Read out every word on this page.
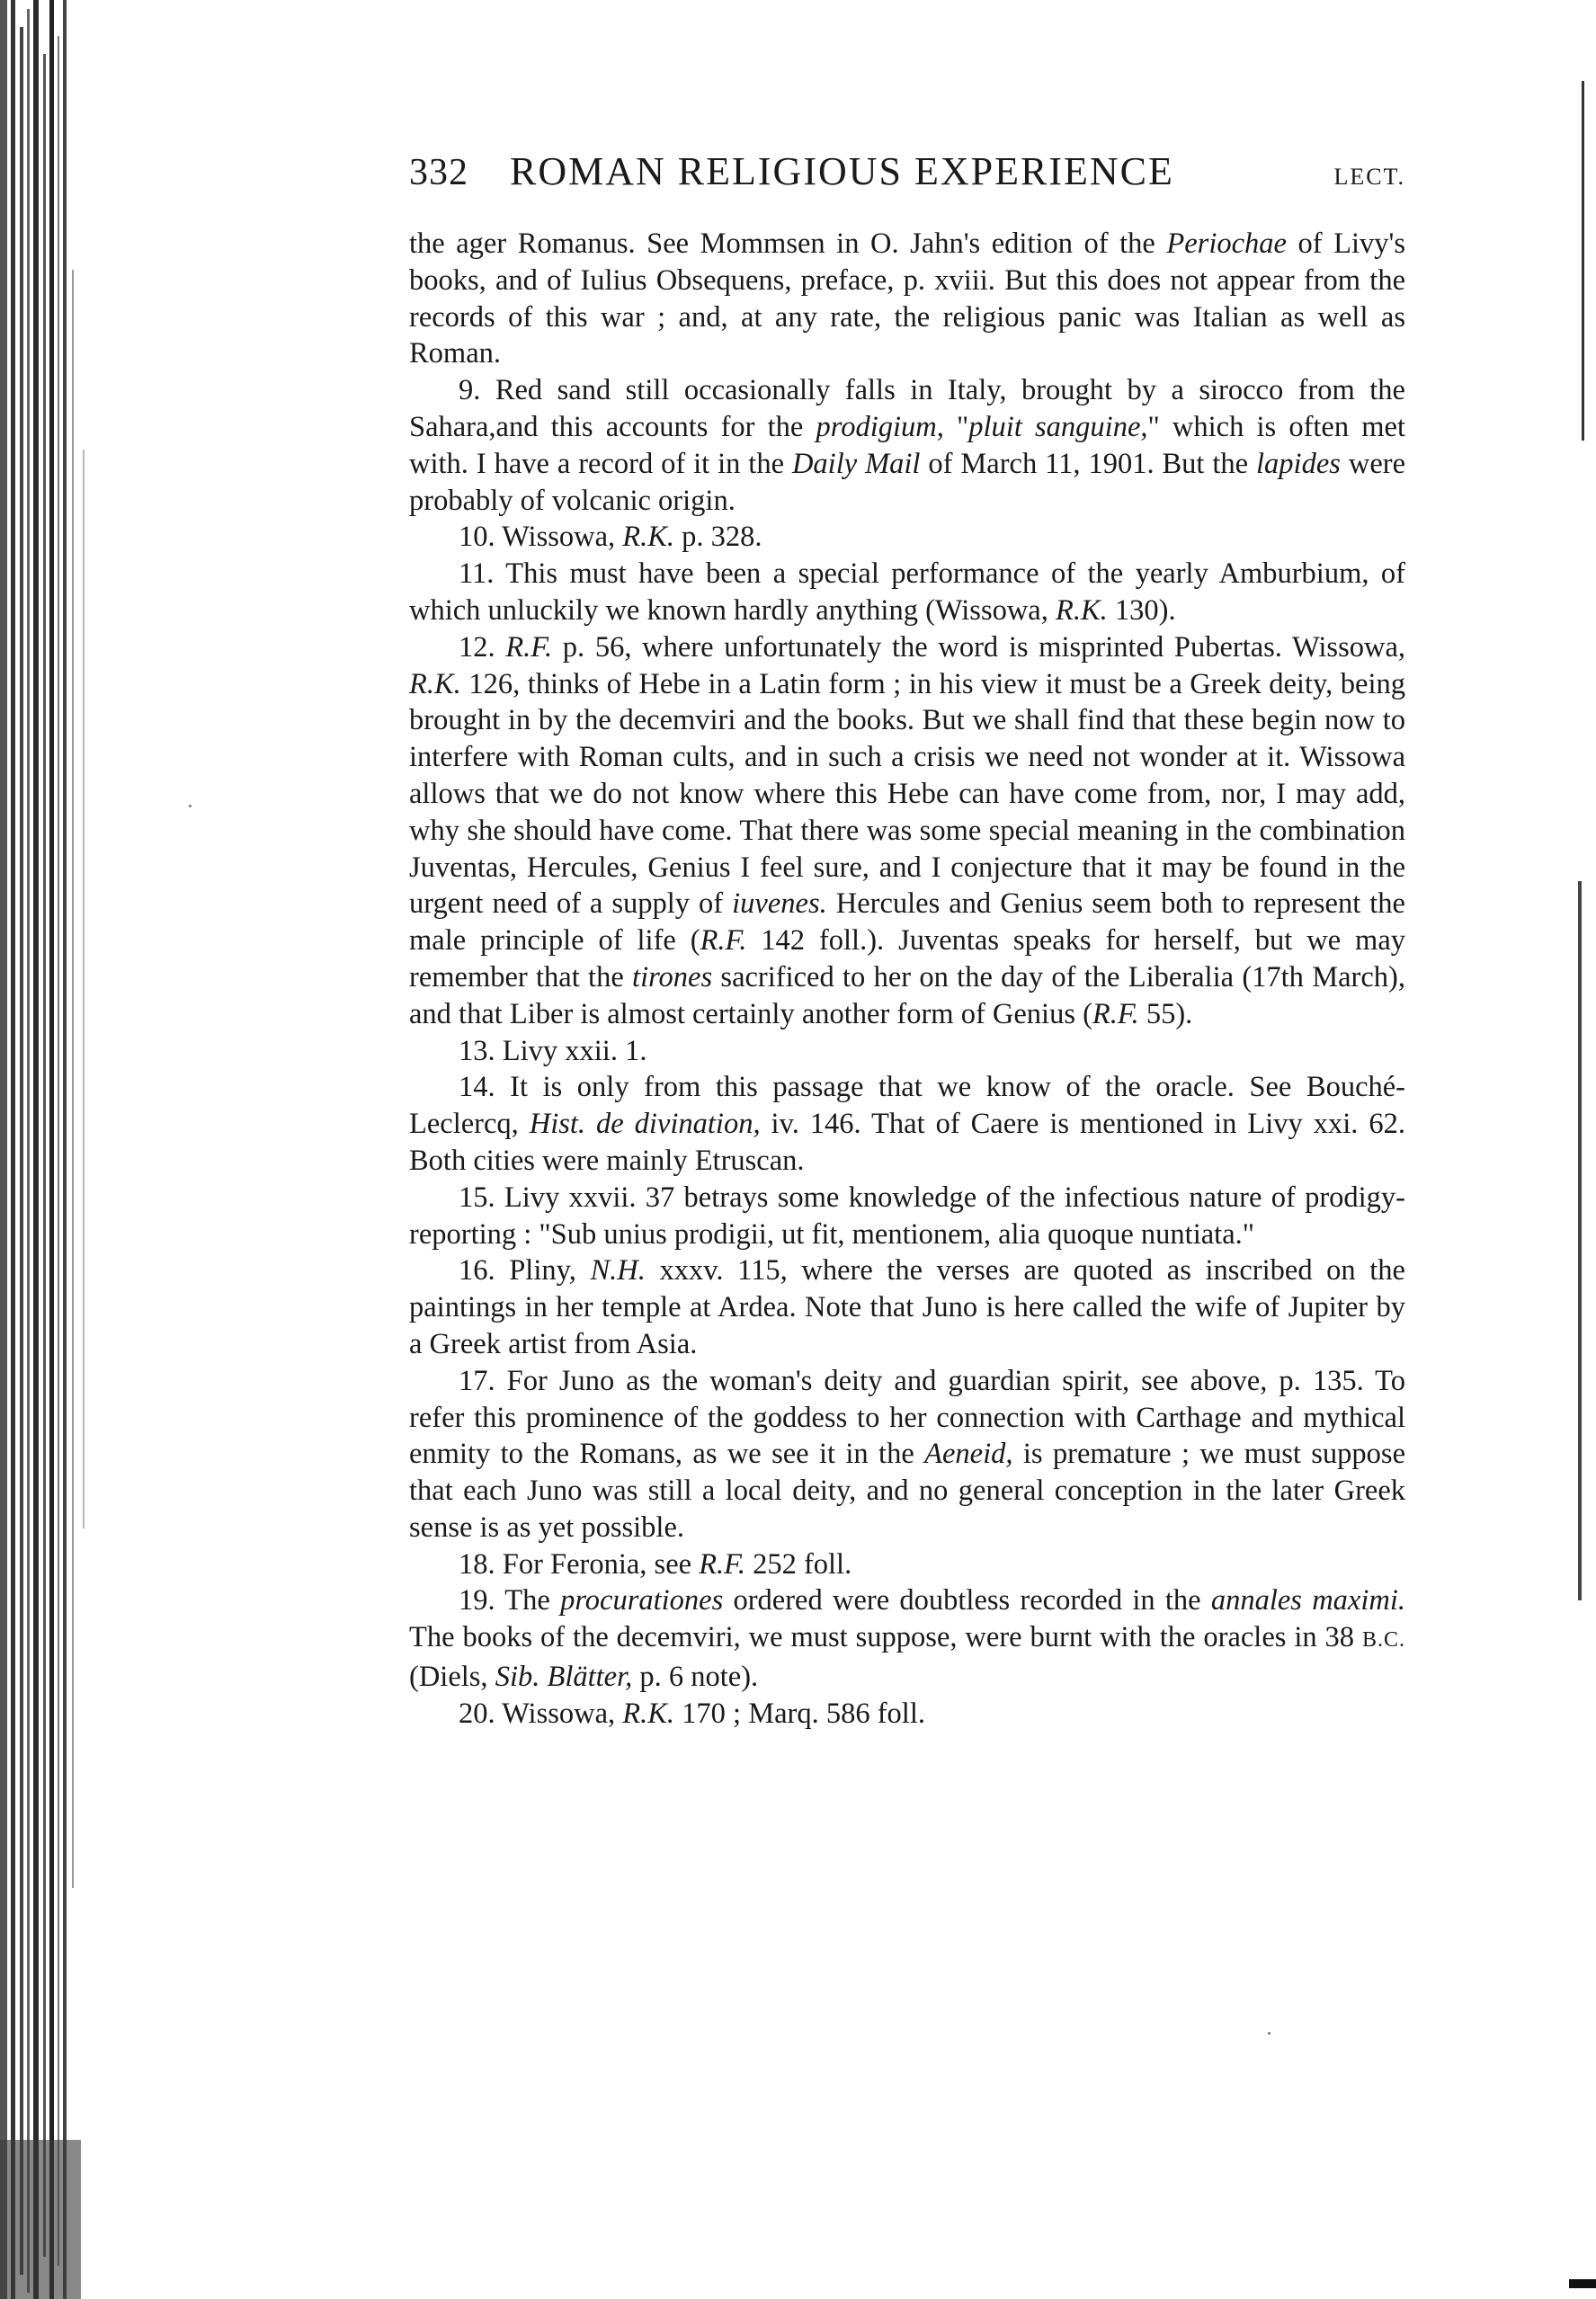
332	ROMAN RELIGIOUS EXPERIENCE	LECT.

the ager Romanus. See Mommsen in O. Jahn's edition of the Periochae of Livy's books, and of Iulius Obsequens, preface, p. xviii. But this does not appear from the records of this war ; and, at any rate, the religious panic was Italian as well as Roman.

9. Red sand still occasionally falls in Italy, brought by a sirocco from the Sahara,and this accounts for the prodigium, "pluit sanguine," which is often met with. I have a record of it in the Daily Mail of March 11, 1901. But the lapides were probably of volcanic origin.

10. Wissowa, R.K. p. 328.

11. This must have been a special performance of the yearly Amburbium, of which unluckily we known hardly anything (Wissowa, R.K. 130).

12. R.F. p. 56, where unfortunately the word is misprinted Pubertas. Wissowa, R.K. 126, thinks of Hebe in a Latin form ; in his view it must be a Greek deity, being brought in by the decemviri and the books. But we shall find that these begin now to interfere with Roman cults, and in such a crisis we need not wonder at it. Wissowa allows that we do not know where this Hebe can have come from, nor, I may add, why she should have come. That there was some special meaning in the combination Juventas, Hercules, Genius I feel sure, and I conjecture that it may be found in the urgent need of a supply of iuvenes. Hercules and Genius seem both to represent the male principle of life (R.F. 142 foll.). Juventas speaks for herself, but we may remember that the tirones sacrificed to her on the day of the Liberalia (17th March), and that Liber is almost certainly another form of Genius (R.F. 55).

13. Livy xxii. 1.

14. It is only from this passage that we know of the oracle. See Bouché-Leclercq, Hist. de divination, iv. 146. That of Caere is mentioned in Livy xxi. 62. Both cities were mainly Etruscan.

15. Livy xxvii. 37 betrays some knowledge of the infectious nature of prodigy-reporting : "Sub unius prodigii, ut fit, mentionem, alia quoque nuntiata."

16. Pliny, N.H. xxxv. 115, where the verses are quoted as inscribed on the paintings in her temple at Ardea. Note that Juno is here called the wife of Jupiter by a Greek artist from Asia.

17. For Juno as the woman's deity and guardian spirit, see above, p. 135. To refer this prominence of the goddess to her connection with Carthage and mythical enmity to the Romans, as we see it in the Aeneid, is premature ; we must suppose that each Juno was still a local deity, and no general conception in the later Greek sense is as yet possible.

18. For Feronia, see R.F. 252 foll.

19. The procurationes ordered were doubtless recorded in the annales maximi. The books of the decemviri, we must suppose, were burnt with the oracles in 38 B.C. (Diels, Sib. Blätter, p. 6 note).

20. Wissowa, R.K. 170 ; Marq. 586 foll.
